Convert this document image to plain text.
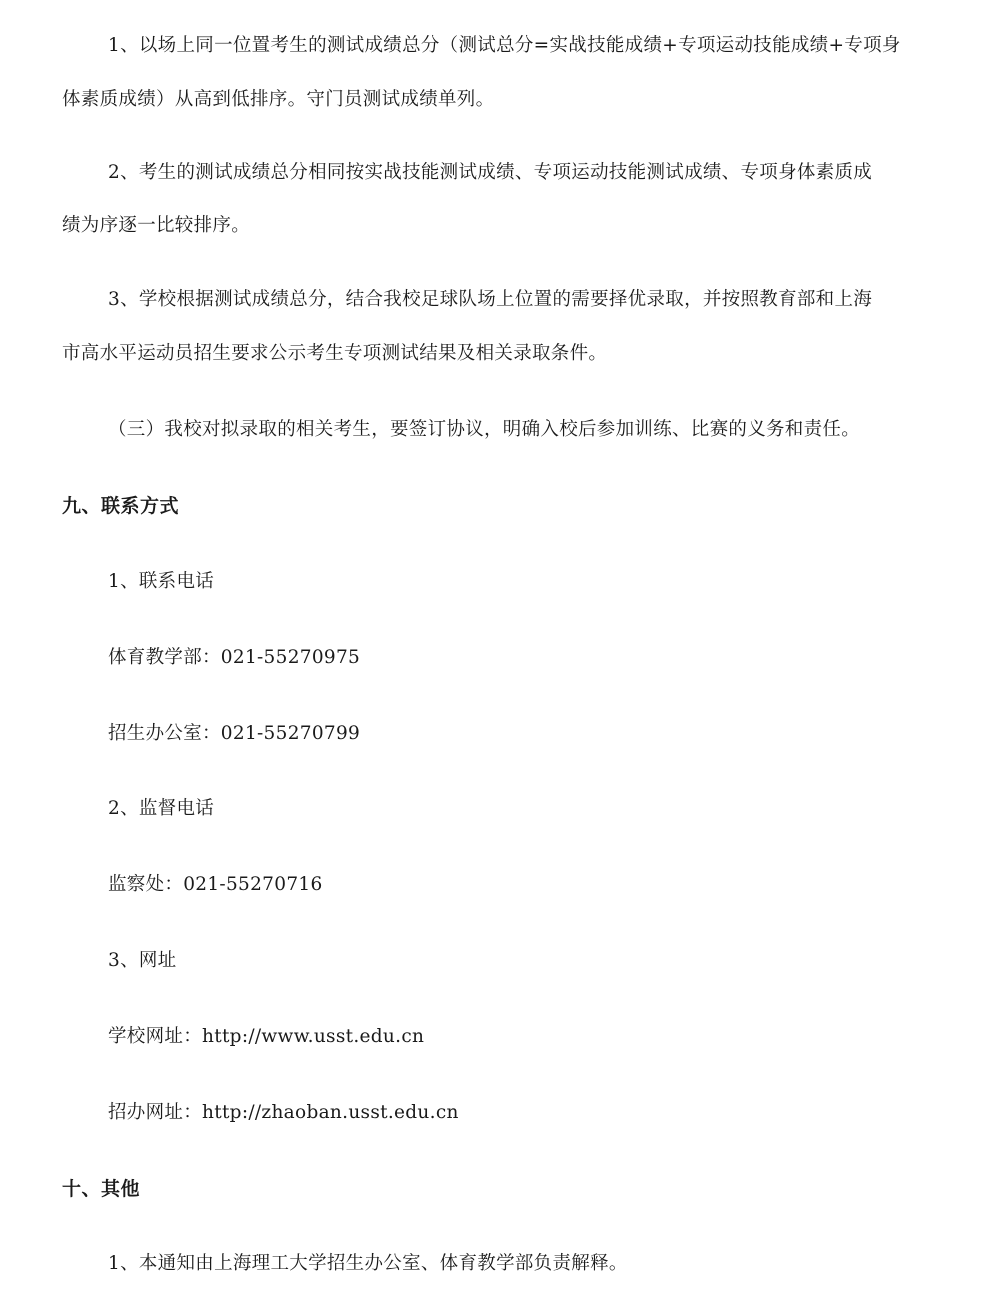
1、以场上同一位置考生的测试成绩总分（测试总分=实战技能成绩+专项运动技能成绩+专项身
体素质成绩）从高到低排序。守门员测试成绩单列。
2、考生的测试成绩总分相同按实战技能测试成绩、专项运动技能测试成绩、专项身体素质成
绩为序逐一比较排序。
3、学校根据测试成绩总分，结合我校足球队场上位置的需要择优录取，并按照教育部和上海
市高水平运动员招生要求公示考生专项测试结果及相关录取条件。
（三）我校对拟录取的相关考生，要签订协议，明确入校后参加训练、比赛的义务和责任。
九、联系方式
1、联系电话
体育教学部：021-55270975
招生办公室：021-55270799
2、监督电话
监察处：021-55270716
3、网址
学校网址：http://www.usst.edu.cn
招办网址：http://zhaoban.usst.edu.cn
十、其他
1、本通知由上海理工大学招生办公室、体育教学部负责解释。
